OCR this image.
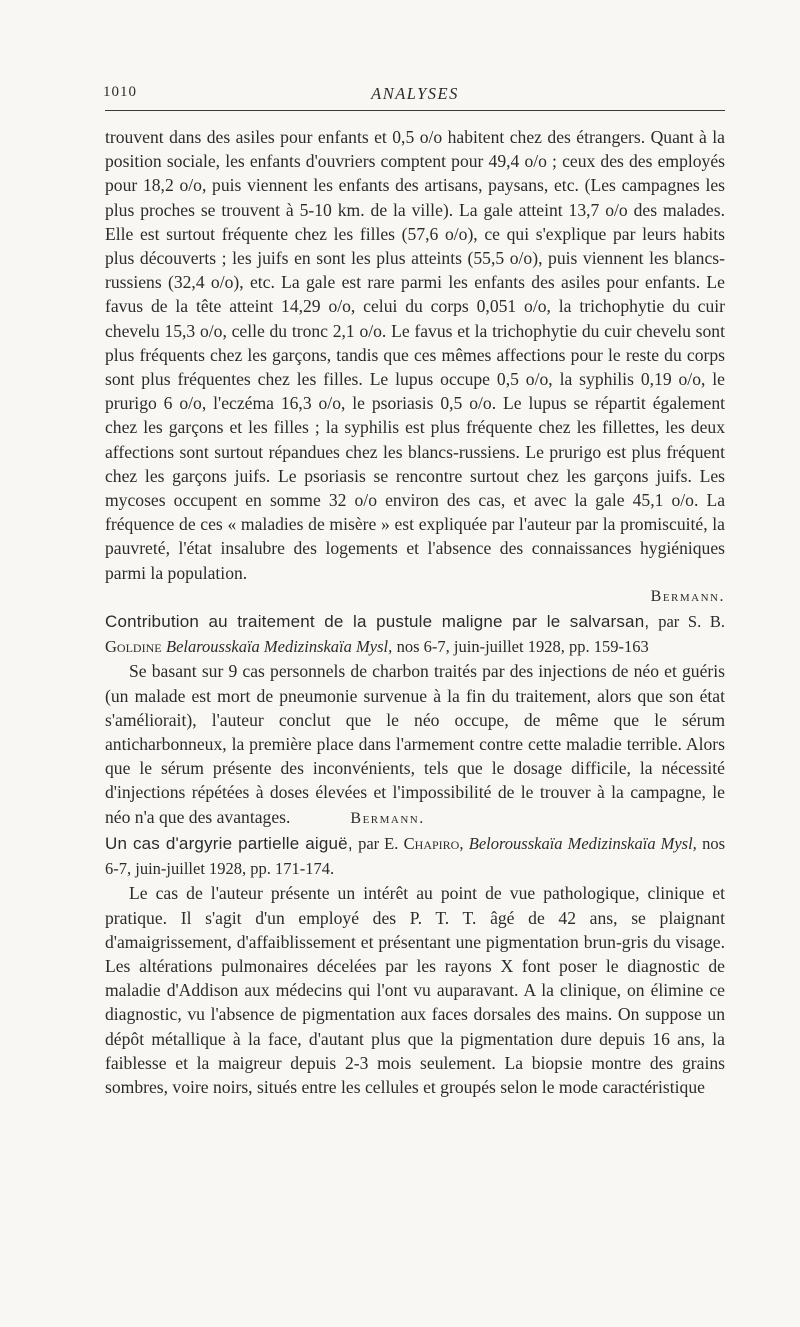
1010	ANALYSES

trouvent dans des asiles pour enfants et 0,5 o/o habitent chez des étrangers. Quant à la position sociale, les enfants d'ouvriers comptent pour 49,4 o/o ; ceux des des employés pour 18,2 o/o, puis viennent les enfants des artisans, paysans, etc. (Les campagnes les plus proches se trouvent à 5-10 km. de la ville). La gale atteint 13,7 o/o des malades. Elle est surtout fréquente chez les filles (57,6 o/o), ce qui s'explique par leurs habits plus découverts ; les juifs en sont les plus atteints (55,5 o/o), puis viennent les blancs-russiens (32,4 o/o), etc. La gale est rare parmi les enfants des asiles pour enfants. Le favus de la tête atteint 14,29 o/o, celui du corps 0,051 o/o, la trichophytie du cuir chevelu 15,3 o/o, celle du tronc 2,1 o/o. Le favus et la trichophytie du cuir chevelu sont plus fréquents chez les garçons, tandis que ces mêmes affections pour le reste du corps sont plus fréquentes chez les filles. Le lupus occupe 0,5 o/o, la syphilis 0,19 o/o, le prurigo 6 o/o, l'eczéma 16,3 o/o, le psoriasis 0,5 o/o. Le lupus se répartit également chez les garçons et les filles ; la syphilis est plus fréquente chez les fillettes, les deux affections sont surtout répandues chez les blancs-russiens. Le prurigo est plus fréquent chez les garçons juifs. Le psoriasis se rencontre surtout chez les garçons juifs. Les mycoses occupent en somme 32 o/o environ des cas, et avec la gale 45,1 o/o. La fréquence de ces « maladies de misère » est expliquée par l'auteur par la promiscuité, la pauvreté, l'état insalubre des logements et l'absence des connaissances hygiéniques parmi la population.

Bermann.

Contribution au traitement de la pustule maligne par le salvarsan, par S. B. Goldine Belarousskaïa Medizinskaïa Mysl, nos 6-7, juin-juillet 1928, pp. 159-163

Se basant sur 9 cas personnels de charbon traités par des injections de néo et guéris (un malade est mort de pneumonie survenue à la fin du traitement, alors que son état s'améliorait), l'auteur conclut que le néo occupe, de même que le sérum anticharbonneux, la première place dans l'armement contre cette maladie terrible. Alors que le sérum présente des inconvénients, tels que le dosage difficile, la nécessité d'injections répétées à doses élevées et l'impossibilité de le trouver à la campagne, le néo n'a que des avantages.	Bermann.

Un cas d'argyrie partielle aiguë, par E. Chapiro, Belorousskaïa Medizinskaïa Mysl, nos 6-7, juin-juillet 1928, pp. 171-174.

Le cas de l'auteur présente un intérêt au point de vue pathologique, clinique et pratique. Il s'agit d'un employé des P. T. T. âgé de 42 ans, se plaignant d'amaigrissement, d'affaiblissement et présentant une pigmentation brun-gris du visage. Les altérations pulmonaires décelées par les rayons X font poser le diagnostic de maladie d'Addison aux médecins qui l'ont vu auparavant. A la clinique, on élimine ce diagnostic, vu l'absence de pigmentation aux faces dorsales des mains. On suppose un dépôt métallique à la face, d'autant plus que la pigmentation dure depuis 16 ans, la faiblesse et la maigreur depuis 2-3 mois seulement. La biopsie montre des grains sombres, voire noirs, situés entre les cellules et groupés selon le mode caractéristique
